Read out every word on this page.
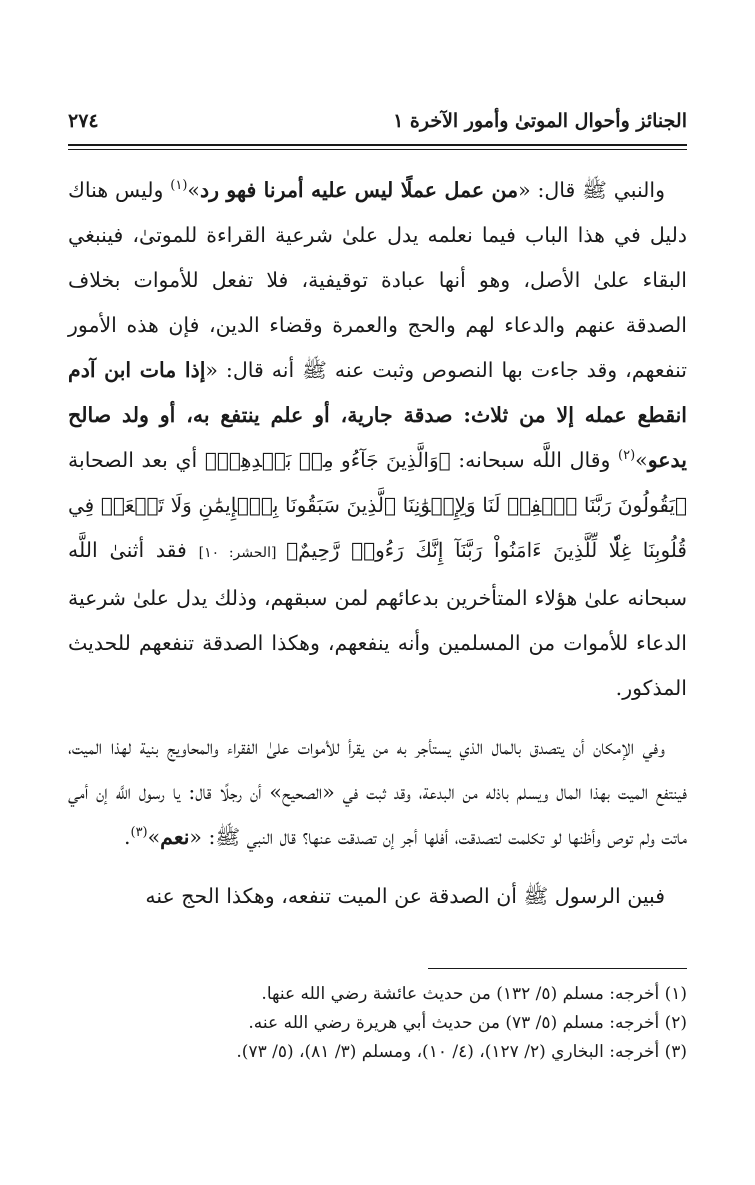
الجنائز وأحوال الموتىٰ وأمور الآخرة ١
٢٧٤

والنبي ﷺ قال: «من عمل عملًا ليس عليه أمرنا فهو رد»$^{(١)}$ وليس هناك دليل في هذا الباب فيما نعلمه يدل علىٰ شرعية القراءة للموتىٰ، فينبغي البقاء علىٰ الأصل، وهو أنها عبادة توقيفية، فلا تفعل للأموات بخلاف الصدقة عنهم والدعاء لهم والحج والعمرة وقضاء الدين، فإن هذه الأمور تنفعهم، وقد جاءت بها النصوص وثبت عنه ﷺ أنه قال: «إذا مات ابن آدم انقطع عمله إلا من ثلاث: صدقة جارية، أو علم ينتفع به، أو ولد صالح يدعو»$^{(٢)}$ وقال اللَّه سبحانه: ﴿وَالَّذِينَ جَآءُو مِنۢ بَعۡدِهِمۡ﴾ أي بعد الصحابة ﴿يَقُولُونَ رَبَّنَا ٱغۡفِرۡ لَنَا وَلِإِخۡوَٰنِنَا ٱلَّذِينَ سَبَقُونَا بِٱلۡإِيمَٰنِ وَلَا تَجۡعَلۡ فِي قُلُوبِنَا غِلّٗا لِّلَّذِينَ ءَامَنُواْ رَبَّنَآ إِنَّكَ رَءُوفٞ رَّحِيمٌ﴾ [الحشر: ١٠] فقد أثنىٰ اللَّه سبحانه علىٰ هؤلاء المتأخرين بدعائهم لمن سبقهم، وذلك يدل علىٰ شرعية الدعاء للأموات من المسلمين وأنه ينفعهم، وهكذا الصدقة تنفعهم للحديث المذكور.

وفي الإمكان أن يتصدق بالمال الذي يستأجر به من يقرأ للأموات علىٰ الفقراء والمحاويج بنية لهذا الميت، فينتفع الميت بهذا المال ويسلم باذله من البدعة، وقد ثبت في «الصحيح» أن رجلًا قال: يا رسول اللَّه إن أمي ماتت ولم توص وأظنها لو تكلمت لتصدقت، أفلها أجر إن تصدقت عنها؟ قال النبي ﷺ: «نعم»$^{(٣)}$.

فبين الرسول ﷺ أن الصدقة عن الميت تنفعه، وهكذا الحج عنه

(١) أخرجه: مسلم (٥/ ١٣٢) من حديث عائشة رضي الله عنها.
(٢) أخرجه: مسلم (٥/ ٧٣) من حديث أبي هريرة رضي الله عنه.
(٣) أخرجه: البخاري (٢/ ١٢٧)، (٤/ ١٠)، ومسلم (٣/ ٨١)، (٥/ ٧٣).
